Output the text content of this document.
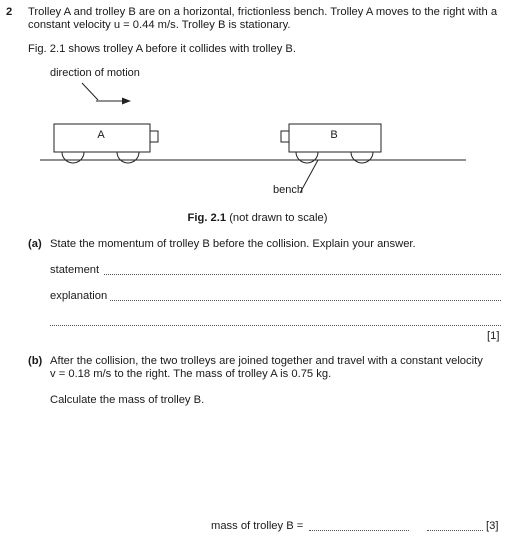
2 Trolley A and trolley B are on a horizontal, frictionless bench. Trolley A moves to the right with a
constant velocity u = 0.44 m/s. Trolley B is stationary.
Fig. 2.1 shows trolley A before it collides with trolley B.
direction of motion
A	B
bench
Fig. 2.1 (not drawn to scale)
(a) State the momentum of trolley B before the collision. Explain your answer.
statement
explanation
[1]
(b) After the collision, the two trolleys are joined together and travel with a constant velocity
v = 0.18 m/s to the right. The mass of trolley A is 0.75 kg.
Calculate the mass of trolley B.
mass of trolley B =	[3]
